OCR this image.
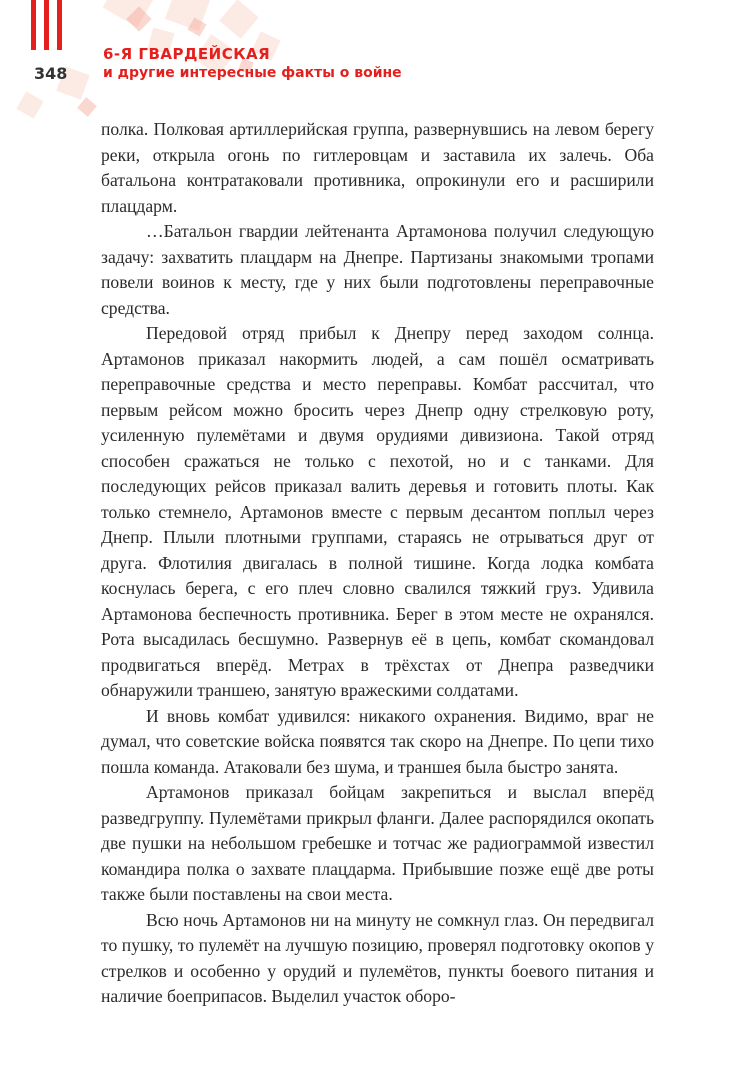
348
6-Я ГВАРДЕЙСКАЯ
и другие интересные факты о войне

полка. Полковая артиллерийская группа, развернувшись на левом берегу реки, открыла огонь по гитлеровцам и заставила их залечь. Оба батальона контратаковали противника, опрокинули его и расширили плацдарм.

…Батальон гвардии лейтенанта Артамонова получил следующую задачу: захватить плацдарм на Днепре. Партизаны знакомыми тропами повели воинов к месту, где у них были подготовлены переправочные средства.

Передовой отряд прибыл к Днепру перед заходом солнца. Артамонов приказал накормить людей, а сам пошёл осматривать переправочные средства и место переправы. Комбат рассчитал, что первым рейсом можно бросить через Днепр одну стрелковую роту, усиленную пулемётами и двумя орудиями дивизиона. Такой отряд способен сражаться не только с пехотой, но и с танками. Для последующих рейсов приказал валить деревья и готовить плоты. Как только стемнело, Артамонов вместе с первым десантом поплыл через Днепр. Плыли плотными группами, стараясь не отрываться друг от друга. Флотилия двигалась в полной тишине. Когда лодка комбата коснулась берега, с его плеч словно свалился тяжкий груз. Удивила Артамонова беспечность противника. Берег в этом месте не охранялся. Рота высадилась бесшумно. Развернув её в цепь, комбат скомандовал продвигаться вперёд. Метрах в трёхстах от Днепра разведчики обнаружили траншею, занятую вражескими солдатами.

И вновь комбат удивился: никакого охранения. Видимо, враг не думал, что советские войска появятся так скоро на Днепре. По цепи тихо пошла команда. Атаковали без шума, и траншея была быстро занята.

Артамонов приказал бойцам закрепиться и выслал вперёд разведгруппу. Пулемётами прикрыл фланги. Далее распорядился окопать две пушки на небольшом гребешке и тотчас же радиограммой известил командира полка о захвате плацдарма. Прибывшие позже ещё две роты также были поставлены на свои места.

Всю ночь Артамонов ни на минуту не сомкнул глаз. Он передвигал то пушку, то пулемёт на лучшую позицию, проверял подготовку окопов у стрелков и особенно у орудий и пулемётов, пункты боевого питания и наличие боеприпасов. Выделил участок оборо-
